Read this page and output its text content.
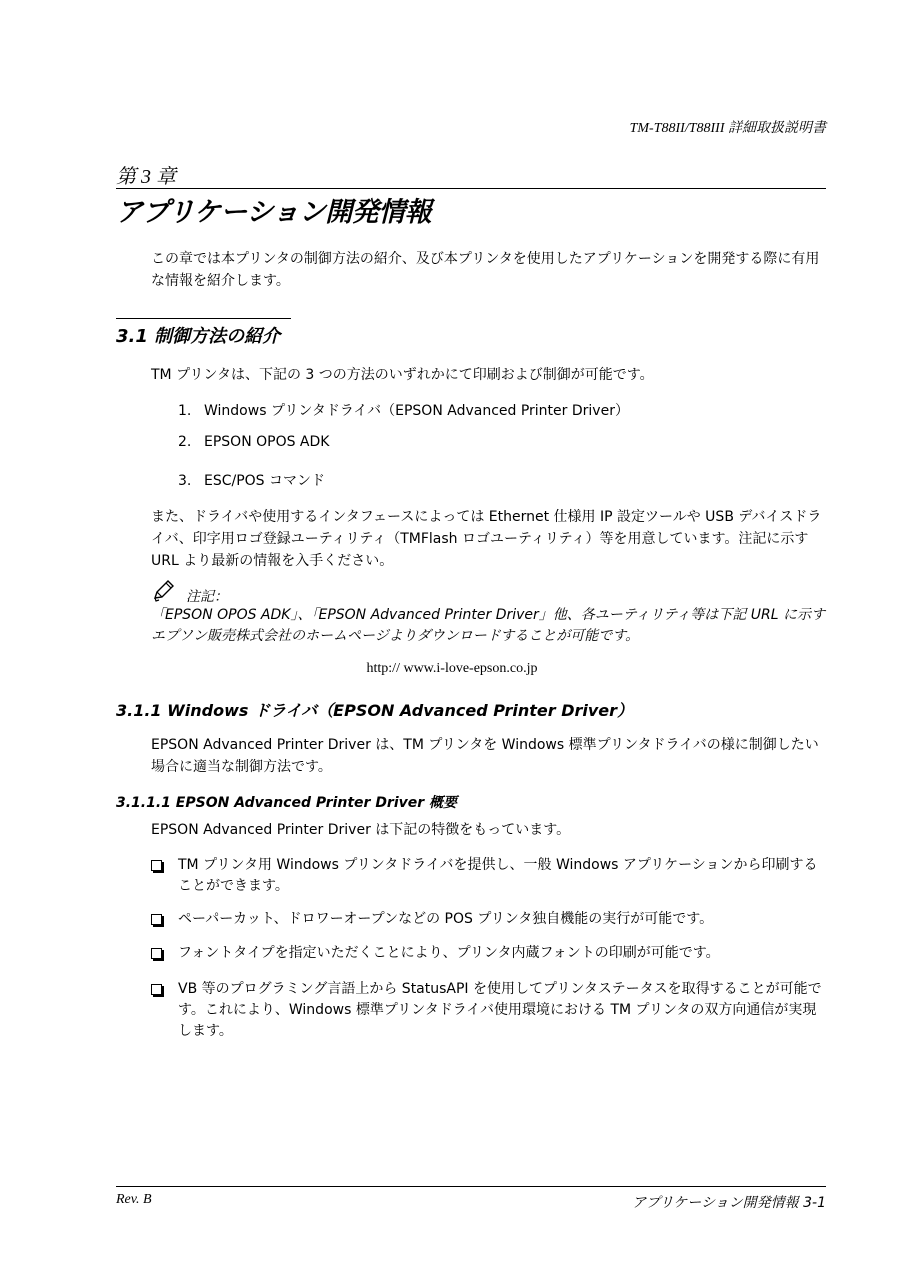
TM-T88II/T88III 詳細取扱説明書
第 3 章
アプリケーション開発情報
この章では本プリンタの制御方法の紹介、及び本プリンタを使用したアプリケーションを開発する際に有用な情報を紹介します。
3.1 制御方法の紹介
TM プリンタは、下記の 3 つの方法のいずれかにて印刷および制御が可能です。
1. Windows プリンタドライバ（EPSON Advanced Printer Driver）
2. EPSON OPOS ADK
3. ESC/POS コマンド
また、ドライバや使用するインタフェースによっては Ethernet 仕様用 IP 設定ツールや USB デバイスドライバ、印字用ロゴ登録ユーティリティ（TMFlash ロゴユーティリティ）等を用意しています。注記に示す URL より最新の情報を入手ください。
注記：
「EPSON OPOS ADK」、「EPSON Advanced Printer Driver」他、各ユーティリティ等は下記 URL に示すエプソン販売株式会社のホームページよりダウンロードすることが可能です。
http:// www.i-love-epson.co.jp
3.1.1 Windows ドライバ（EPSON Advanced Printer Driver）
EPSON Advanced Printer Driver は、TM プリンタを Windows 標準プリンタドライバの様に制御したい場合に適当な制御方法です。
3.1.1.1 EPSON Advanced Printer Driver 概要
EPSON Advanced Printer Driver は下記の特徴をもっています。
TM プリンタ用 Windows プリンタドライバを提供し、一般 Windows アプリケーションから印刷することができます。
ペーパーカット、ドロワーオープンなどの POS プリンタ独自機能の実行が可能です。
フォントタイプを指定いただくことにより、プリンタ内蔵フォントの印刷が可能です。
VB 等のプログラミング言語上から StatusAPI を使用してプリンタステータスを取得することが可能です。これにより、Windows 標準プリンタドライバ使用環境における TM プリンタの双方向通信が実現します。
Rev. B	アプリケーション開発情報 3-1
